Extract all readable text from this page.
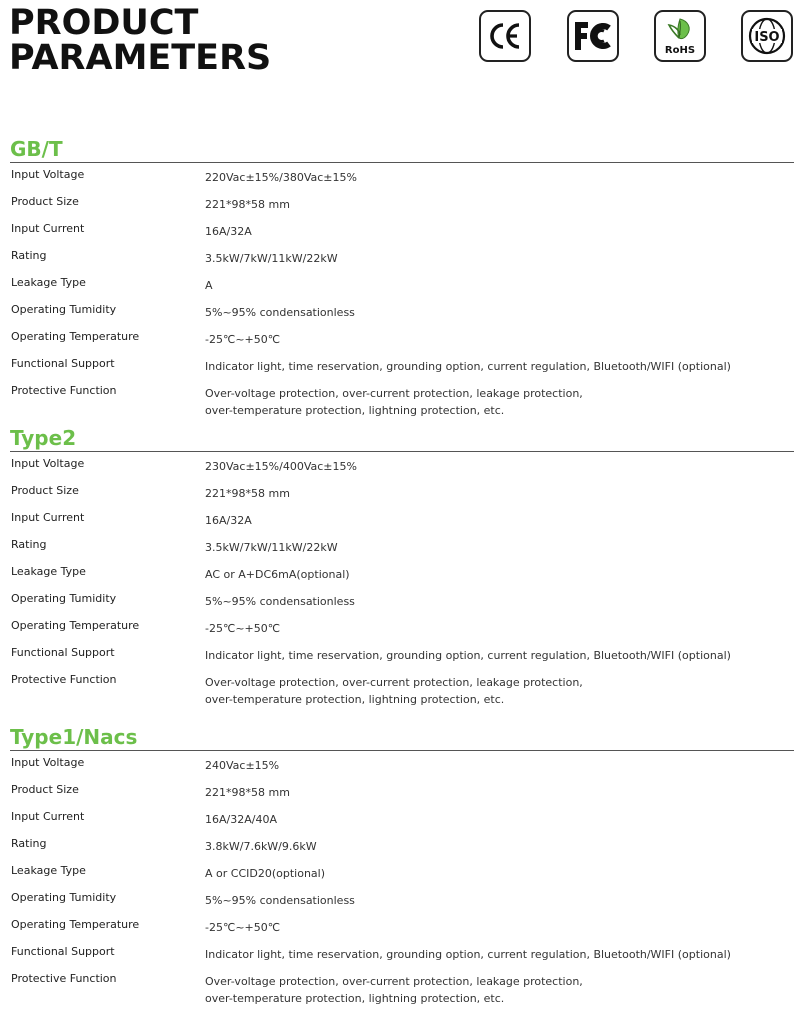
PRODUCT
PARAMETERS	RoHS
ISO
GB/T
Input Voltage	220Vac±15%/380Vac±15%
Product Size	221*98*58 mm
Input Current	16A/32A
Rating	3.5kW/7kW/11kW/22kW
Leakage Type	A
Operating Tumidity	5%~95% condensationless
Operating Temperature	-25℃~+50℃
Functional Support	Indicator light, time reservation, grounding option, current regulation, Bluetooth/WIFI (optional)
Protective Function	Over-voltage protection, over-current protection, leakage protection,
over-temperature protection, lightning protection, etc.
Type2
Input Voltage	230Vac±15%/400Vac±15%
Product Size	221*98*58 mm
Input Current	16A/32A
Rating	3.5kW/7kW/11kW/22kW
Leakage Type	AC or A+DC6mA(optional)
Operating Tumidity	5%~95% condensationless
Operating Temperature	-25℃~+50℃
Functional Support	Indicator light, time reservation, grounding option, current regulation, Bluetooth/WIFI (optional)
Protective Function	Over-voltage protection, over-current protection, leakage protection,
over-temperature protection, lightning protection, etc.
Type1/Nacs
Input Voltage	240Vac±15%
Product Size	221*98*58 mm
Input Current	16A/32A/40A
Rating	3.8kW/7.6kW/9.6kW
Leakage Type	A or CCID20(optional)
Operating Tumidity	5%~95% condensationless
Operating Temperature	-25℃~+50℃
Functional Support	Indicator light, time reservation, grounding option, current regulation, Bluetooth/WIFI (optional)
Protective Function	Over-voltage protection, over-current protection, leakage protection,
over-temperature protection, lightning protection, etc.
